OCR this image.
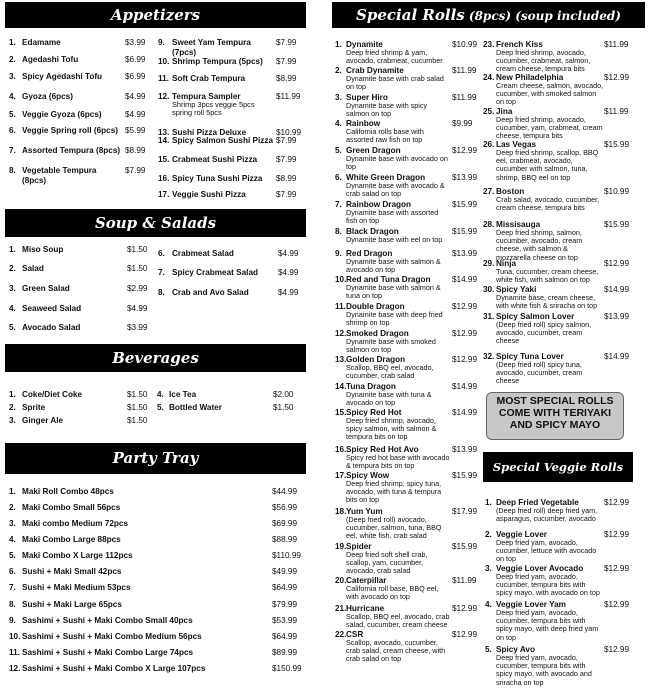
Appetizers
1. Edamame	$3.99
2. Agedashi Tofu	$6.99
3. Spicy Agedashi Tofu	$6.99
4. Gyoza (6pcs)	$4.99
5. Veggie Gyoza (6pcs)	$4.99
6. Veggie Spring roll (6pcs) $5.99
7. Assorted Tempura (8pcs) $8.99
8. Vegetable Tempura (8pcs)
$7.99
9. Sweet Yam Tempura (7pcs)
$7.99
10. Shrimp Tempura (5pcs)	$7.99
11. Soft Crab Tempura	$8.99
12. Tempura Sampler	$11.99
Shrimp 3pcs veggie 5pcs spring roll 5pcs
13. Sushi Pizza Deluxe	$10.99
14. Spicy Salmon Sushi Pizza $7.99
15. Crabmeat Sushi Pizza	$7.99
16. Spicy Tuna Sushi Pizza	$8.99
17. Veggie Sushi Pizza	$7.99
1. Miso Soup	$1.50
2. Salad	$1.50
3. Green Salad	$2.99
4. Seaweed Salad	$4.99
5. Avocado Salad	$3.99
6. Crabmeat Salad	$4.99
7. Spicy Crabmeat Salad $4.99
8. Crab and Avo Salad	$4.99
1. Coke/Diet Coke	$1.50
2. Sprite	$1.50
3. Ginger Ale	$1.50
4. Ice Tea	$2.00
5. Bottled Water	$1.50
1. Maki Roll Combo 48pcs	$44.99
2. Maki Combo Small 56pcs	$56.99
3. Maki combo Medium 72pcs	$69.99
4. Maki Combo Large 88pcs	$88.99
5. Maki Combo X Large 112pcs	$110.99
6. Sushi + Maki Small 42pcs	$49.99
7. Sushi + Maki Medium 53pcs	$64.99
8. Sushi + Maki Large 65pcs	$79.99
9. Sashimi + Sushi + Maki Combo Small 40pcs	$53.99
10. Sashimi + Sushi + Maki Combo Medium 56pcs	$64.99
11. Sashimi + Sushi + Maki Combo Large 74pcs	$89.99
12. Sashimi + Sushi + Maki Combo X Large 107pcs	$150.99
1. Dynamite	$10.99
Deep fried shrimp & yam, avocado, crabmeat, cucumber
2. Crab Dynamite	$11.99
Dynamite base with crab salad on top
3. Super Hiro	$11.99
Dynamite base with spicy salmon on top
4. Rainbow	$9.99
California rolls base with assorted raw fish on top
5. Green Dragon	$12.99
Dynamite base with avocado on top
6. White Green Dragon	$13.99
Dynamite base with avocado & crab salad on top
7. Rainbow Dragon	$15.99
Dynamite base with assorted fish on top
8. Black Dragon	$15.99
Dynamite base with eel on top
9. Red Dragon	$13.99
Dynamite base with salmon & avocado on top
10. Red and Tuna Dragon	$14.99
Dynamite base with salmon & tuna on top
11. Double Dragon	$12.99
Dynamite base with deep fried shrimp on top
12. Smoked Dragon	$12.99
Dynamite base with smoked salmon on top
13. Golden Dragon	$12.99
Scallop, BBQ eel, avocado, cucumber, crab salad
14. Tuna Dragon	$14.99
Dynamite base with tuna & avocado on top
15. Spicy Red Hot	$14.99
Deep fried shrimp, avocado, spicy salmon, with salmon & tempura bits on top
16. Spicy Red Hot Avo	$13.99
Spicy red hot base with avocado & tempura bits on top
17. Spicy Wow	$15.99
Deep fried shrimp, spicy tuna, avocado, with tuna & tempura bits on top
18. Yum Yum	$17.99
(Deep fried roll) avocado, cucumber, salmon, tuna, BBQ eel, white fish, crab salad
19. Spider	$15.99
Deep fried soft shell crab, scallop, yam, cucumber, avocado, crab salad
20. Caterpillar	$11.99
California roll base, BBQ eel, with avocado on top
21. Hurricane	$12.99
Scallop, BBQ eel, avocado, crab salad, cucumber, cream cheese
22. CSR	$12.99
Scallop, avocado, cucumber, crab salad, cream cheese, with crab salad on top
23. French Kiss	$11.99
Deep fried shrimp, avocado, cucumber, crabmeat, salmon, cream cheese, tempura bits
24. New Philadelphia	$12.99
Cream cheese, salmon, avocado, cucumber, with smoked salmon on top
25. Jina	$11.99
Deep fried shrimp, avocado, cucumber, yam, crabmeat, cream cheese, tempura bits
26. Las Vegas	$15.99
Deep fried shrimp, scallop, BBQ eel, crabmeat, avocado, cucumber with salmon, tuna, shrimp, BBQ eel on top
27. Boston	$10.99
Crab salad, avocado, cucumber, cream cheese, tempura bits
28. Missisauga	$15.99
Deep fried shrimp, salmon, cucumber, avocado, cream cheese, with salmon & mozzarella cheese on top
29. Ninja	$12.99
Tuna, cucumber, cream cheese, white fish, with salmon on top
30. Spicy Yaki	$14.99
Dynamite base, cream cheese, with white fish & sriracha on top
31. Spicy Salmon Lover	$13.99
(Deep fried roll) spicy salmon, avocado, cucumber, cream cheese
32. Spicy Tuna Lover	$14.99
(Deep fried roll) spicy tuna, avocado, cucumber, cream cheese
1. Deep Fried Vegetable	$12.99
(Deep fried roll) deep fried yam, asparagus, cucumber, avocado
2. Veggie Lover	$12.99
Deep fried yam, avocado, cucumber, lettuce with avocado on top
3. Veggie Lover Avocado	$12.99
Deep fried yam, avocado, cucumber, tempura bits with spicy mayo, with avocado on top
4. Veggie Lover Yam	$12.99
Deep fried yam, avocado, cucumber, tempura bits with spicy mayo, with deep fried yam on top
5. Spicy Avo	$12.99
Deep fried yam, avocado, cucumber, tempura bits with spicy mayo, with avocado and sriracha on top
Soup & Salads
Beverages
Party Tray
Special Rolls (8pcs) (soup included)
MOST SPECIAL ROLLS COME WITH TERIYAKI AND SPICY MAYO
Special Veggie Rolls
